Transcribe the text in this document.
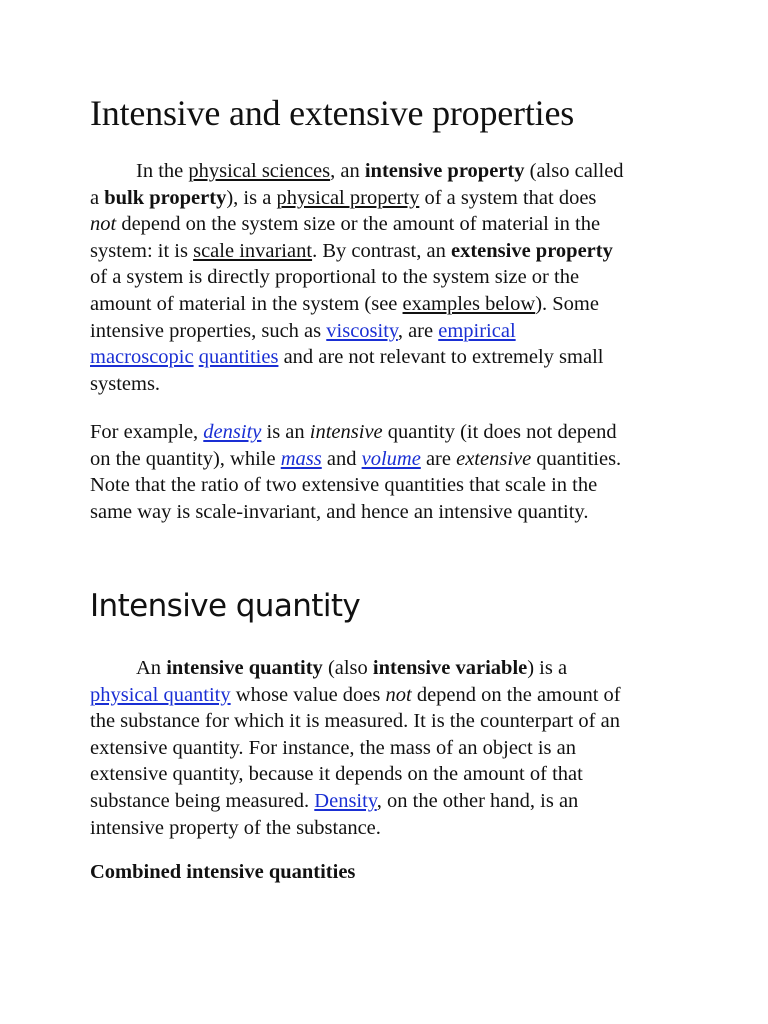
Intensive and extensive properties

In the physical sciences, an intensive property (also called
a bulk property), is a physical property of a system that does
not depend on the system size or the amount of material in the
system: it is scale invariant. By contrast, an extensive property
of a system is directly proportional to the system size or the
amount of material in the system (see examples below). Some
intensive properties, such as viscosity, are empirical
macroscopic quantities and are not relevant to extremely small
systems.

For example, density is an intensive quantity (it does not depend
on the quantity), while mass and volume are extensive quantities.
Note that the ratio of two extensive quantities that scale in the
same way is scale-invariant, and hence an intensive quantity.

Intensive quantity

An intensive quantity (also intensive variable) is a
physical quantity whose value does not depend on the amount of
the substance for which it is measured. It is the counterpart of an
extensive quantity. For instance, the mass of an object is an
extensive quantity, because it depends on the amount of that
substance being measured. Density, on the other hand, is an
intensive property of the substance.

Combined intensive quantities
